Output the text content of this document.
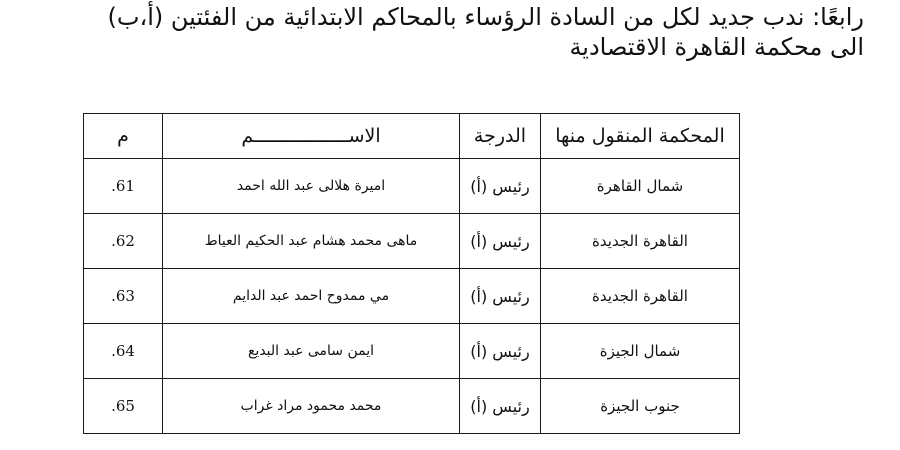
رابعًا: ندب جديد لكل من السادة الرؤساء بالمحاكم الابتدائية من الفئتين (أ،ب)
الى محكمة القاهرة الاقتصادية
المحكمة المنقول منها	الدرجة	الاســـــــــــــــــم	م
شمال القاهرة	رئيس (أ)	اميرة هلالى عبد الله احمد	61.
القاهرة الجديدة	رئيس (أ)	ماهى محمد هشام عبد الحكيم العياط	62.
القاهرة الجديدة	رئيس (أ)	مي ممدوح احمد عبد الدايم	63.
شمال الجيزة	رئيس (أ)	ايمن سامى عبد البديع	64.
جنوب الجيزة	رئيس (أ)	محمد محمود مراد غراب	65.
